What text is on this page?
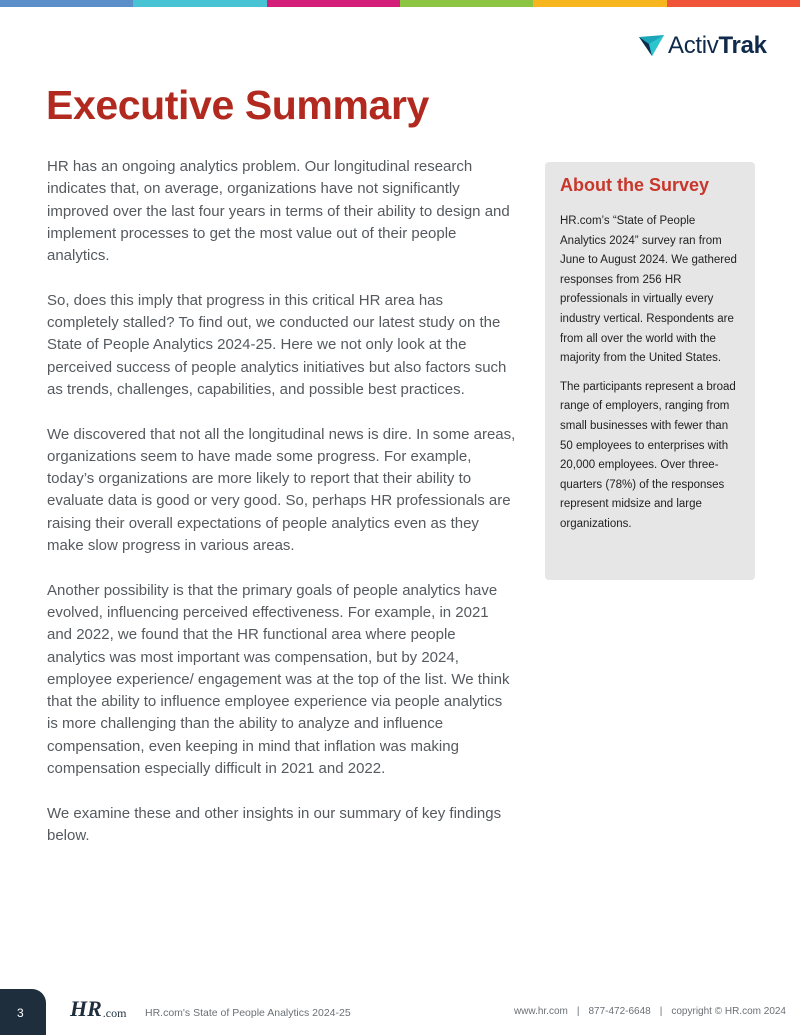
ActivTrak
Executive Summary

HR has an ongoing analytics problem. Our longitudinal research indicates that, on average, organizations have not significantly improved over the last four years in terms of their ability to design and implement processes to get the most value out of their people analytics.

So, does this imply that progress in this critical HR area has completely stalled? To find out, we conducted our latest study on the State of People Analytics 2024-25. Here we not only look at the perceived success of people analytics initiatives but also factors such as trends, challenges, capabilities, and possible best practices.

We discovered that not all the longitudinal news is dire. In some areas, organizations seem to have made some progress. For example, today’s organizations are more likely to report that their ability to evaluate data is good or very good. So, perhaps HR professionals are raising their overall expectations of people analytics even as they make slow progress in various areas.

Another possibility is that the primary goals of people analytics have evolved, influencing perceived effectiveness. For example, in 2021 and 2022, we found that the HR functional area where people analytics was most important was compensation, but by 2024, employee experience/ engagement was at the top of the list. We think that the ability to influence employee experience via people analytics is more challenging than the ability to analyze and influence compensation, even keeping in mind that inflation was making compensation especially difficult in 2021 and 2022.

We examine these and other insights in our summary of key findings below.

About the Survey

HR.com’s “State of People Analytics 2024” survey ran from June to August 2024. We gathered responses from 256 HR professionals in virtually every industry vertical. Respondents are from all over the world with the majority from the United States.

The participants represent a broad range of employers, ranging from small businesses with fewer than 50 employees to enterprises with 20,000 employees. Over three-quarters (78%) of the responses represent midsize and large organizations.

3 HR .com HR.com's State of People Analytics 2024-25	www.hr.com | 877-472-6648 | copyright © HR.com 2024
